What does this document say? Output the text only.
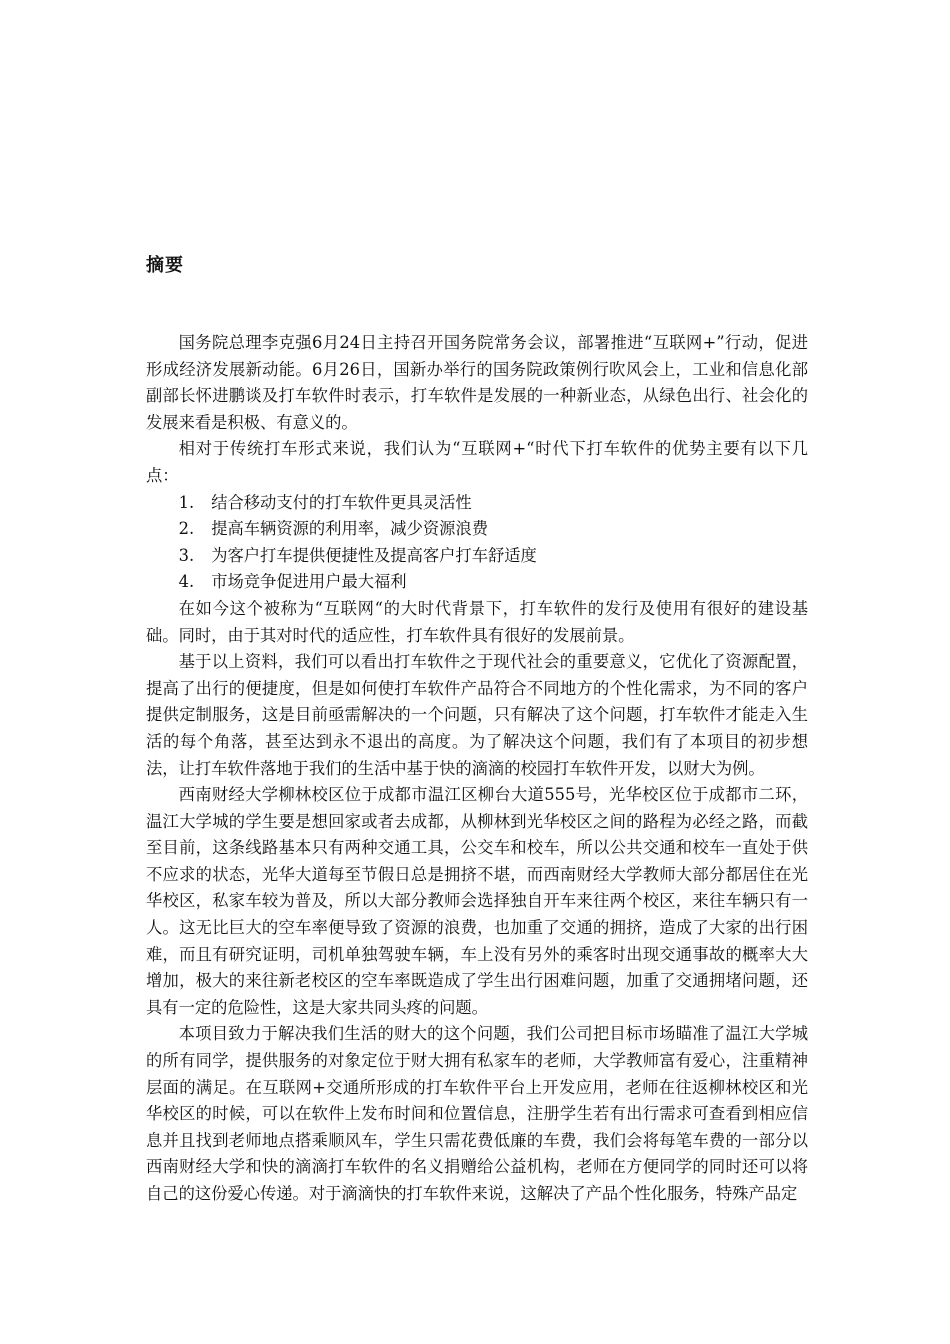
摘要

国务院总理李克强6月24日主持召开国务院常务会议，部署推进“互联网+”行动，促进形成经济发展新动能。6月26日，国新办举行的国务院政策例行吹风会上，工业和信息化部副部长怀进鹏谈及打车软件时表示，打车软件是发展的一种新业态，从绿色出行、社会化的发展来看是积极、有意义的。

相对于传统打车形式来说，我们认为“互联网+“时代下打车软件的优势主要有以下几点：

1. 结合移动支付的打车软件更具灵活性
2. 提高车辆资源的利用率，减少资源浪费
3. 为客户打车提供便捷性及提高客户打车舒适度
4. 市场竞争促进用户最大福利

在如今这个被称为“互联网“的大时代背景下，打车软件的发行及使用有很好的建设基础。同时，由于其对时代的适应性，打车软件具有很好的发展前景。

基于以上资料，我们可以看出打车软件之于现代社会的重要意义，它优化了资源配置，提高了出行的便捷度，但是如何使打车软件产品符合不同地方的个性化需求，为不同的客户提供定制服务，这是目前亟需解决的一个问题，只有解决了这个问题，打车软件才能走入生活的每个角落，甚至达到永不退出的高度。为了解决这个问题，我们有了本项目的初步想法，让打车软件落地于我们的生活中基于快的滴滴的校园打车软件开发，以财大为例。

西南财经大学柳林校区位于成都市温江区柳台大道555号，光华校区位于成都市二环，温江大学城的学生要是想回家或者去成都，从柳林到光华校区之间的路程为必经之路，而截至目前，这条线路基本只有两种交通工具，公交车和校车，所以公共交通和校车一直处于供不应求的状态，光华大道每至节假日总是拥挤不堪，而西南财经大学教师大部分都居住在光华校区，私家车较为普及，所以大部分教师会选择独自开车来往两个校区，来往车辆只有一人。这无比巨大的空车率便导致了资源的浪费，也加重了交通的拥挤，造成了大家的出行困难，而且有研究证明，司机单独驾驶车辆，车上没有另外的乘客时出现交通事故的概率大大增加，极大的来往新老校区的空车率既造成了学生出行困难问题，加重了交通拥堵问题，还具有一定的危险性，这是大家共同头疼的问题。

本项目致力于解决我们生活的财大的这个问题，我们公司把目标市场瞄准了温江大学城的所有同学，提供服务的对象定位于财大拥有私家车的老师，大学教师富有爱心，注重精神层面的满足。在互联网+交通所形成的打车软件平台上开发应用，老师在往返柳林校区和光华校区的时候，可以在软件上发布时间和位置信息，注册学生若有出行需求可查看到相应信息并且找到老师地点搭乘顺风车，学生只需花费低廉的车费，我们会将每笔车费的一部分以西南财经大学和快的滴滴打车软件的名义捐赠给公益机构，老师在方便同学的同时还可以将自己的这份爱心传递。对于滴滴快的打车软件来说，这解决了产品个性化服务，特殊产品定
